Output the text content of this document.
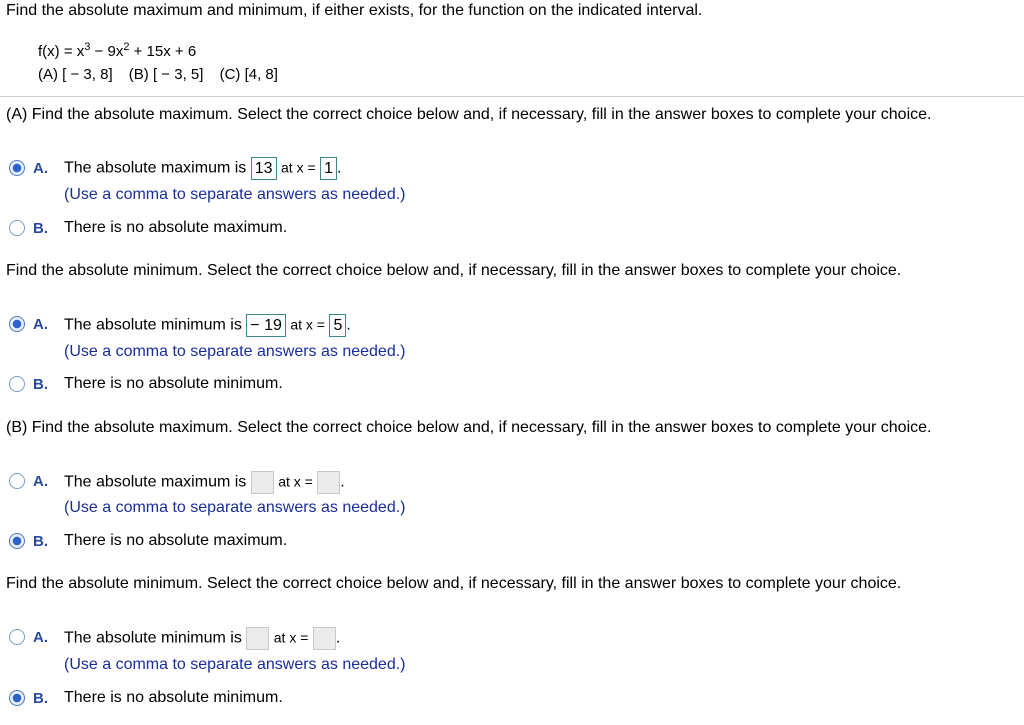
Find the absolute maximum and minimum, if either exists, for the function on the indicated interval.
$f(x) = x^3 - 9x^2 + 15x + 6$
(A) [ − 3, 8] (B) [ − 3, 5] (C) [4, 8]
(A) Find the absolute maximum. Select the correct choice below and, if necessary, fill in the answer boxes to complete your choice.
A. The absolute maximum is 13 at x = 1 .
(Use a comma to separate answers as needed.)
B. There is no absolute maximum.
Find the absolute minimum. Select the correct choice below and, if necessary, fill in the answer boxes to complete your choice.
A. The absolute minimum is − 19 at x = 5 .
(Use a comma to separate answers as needed.)
B. There is no absolute minimum.
(B) Find the absolute maximum. Select the correct choice below and, if necessary, fill in the answer boxes to complete your choice.
A. The absolute maximum is at x = .
(Use a comma to separate answers as needed.)
B. There is no absolute maximum.
Find the absolute minimum. Select the correct choice below and, if necessary, fill in the answer boxes to complete your choice.
A. The absolute minimum is at x = .
(Use a comma to separate answers as needed.)
B. There is no absolute minimum.
